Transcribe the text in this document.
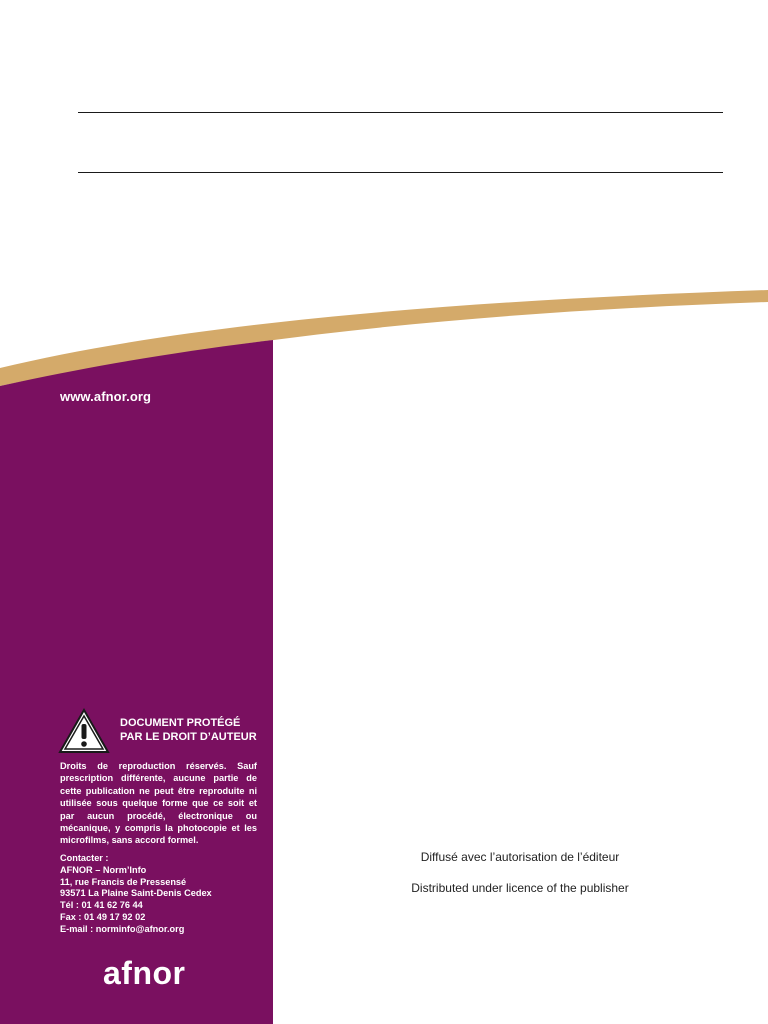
www.afnor.org
DOCUMENT PROTÉGÉ
PAR LE DROIT D’AUTEUR
Droits de reproduction réservés. Sauf prescription différente, aucune partie de cette publication ne peut être reproduite ni utilisée sous quelque forme que ce soit et par aucun procédé, électronique ou mécanique, y compris la photocopie et les microfilms, sans accord formel.
Contacter :
AFNOR – Norm’Info
11, rue Francis de Pressensé
93571 La Plaine Saint-Denis Cedex
Tél : 01 41 62 76 44
Fax : 01 49 17 92 02
E-mail : norminfo@afnor.org
afnor
Diffusé avec l’autorisation de l’éditeur
Distributed under licence of the publisher
